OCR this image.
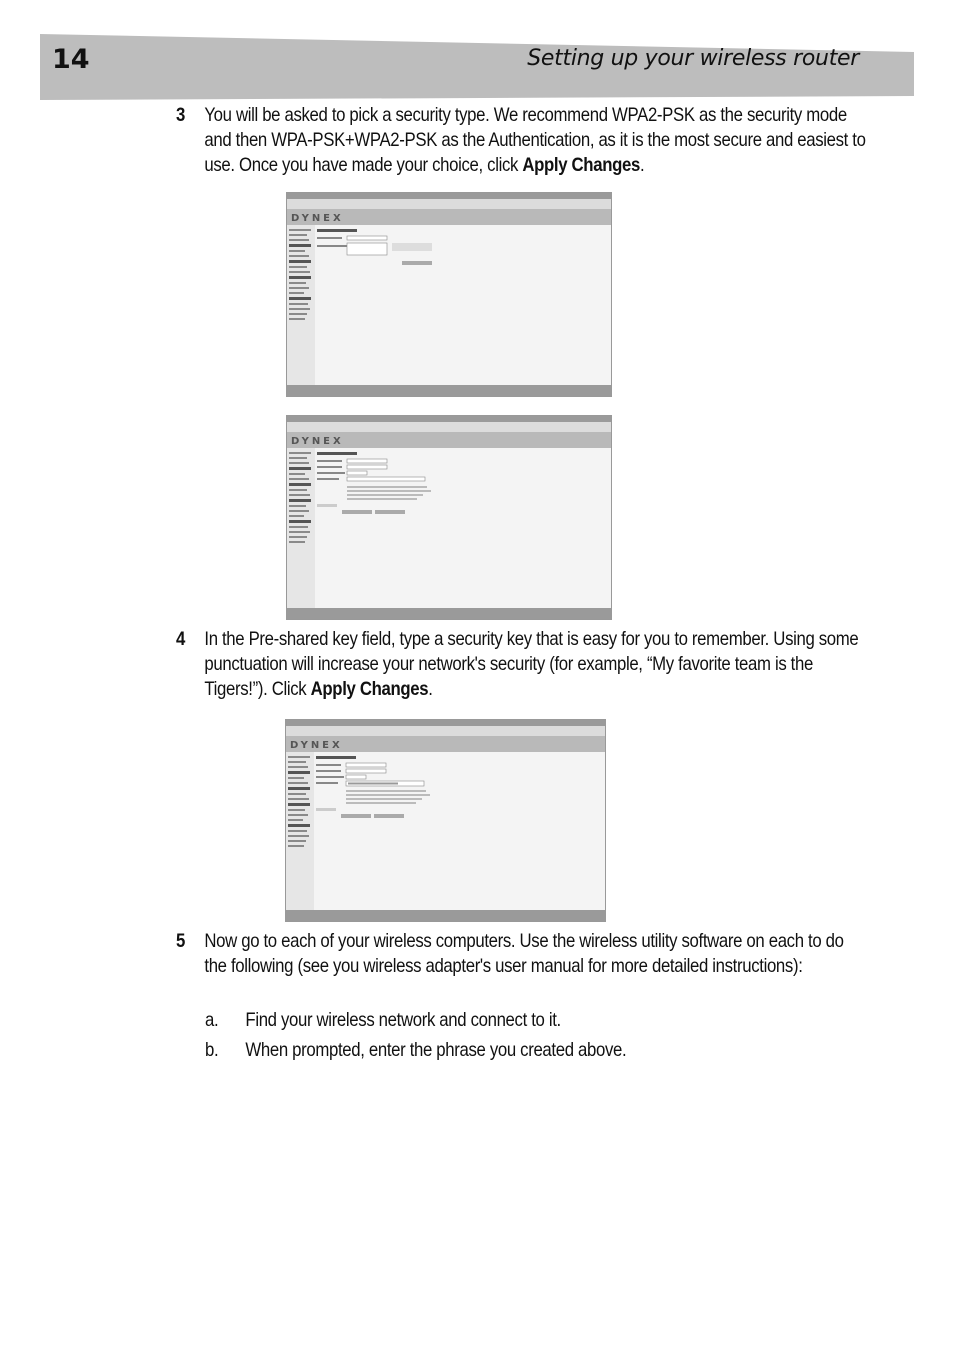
14	Setting up your wireless router
3 You will be asked to pick a security type. We recommend WPA2-PSK as the security mode and then WPA-PSK+WPA2-PSK as the Authentication, as it is the most secure and easiest to use. Once you have made your choice, click Apply Changes.
DYNEX
DYNEX
4 In the Pre-shared key field, type a security key that is easy for you to remember. Using some punctuation will increase your network's security (for example, “My favorite team is the Tigers!”). Click Apply Changes.
DYNEX
5 Now go to each of your wireless computers. Use the wireless utility software on each to do the following (see you wireless adapter's user manual for more detailed instructions):
a. Find your wireless network and connect to it.
b. When prompted, enter the phrase you created above.
